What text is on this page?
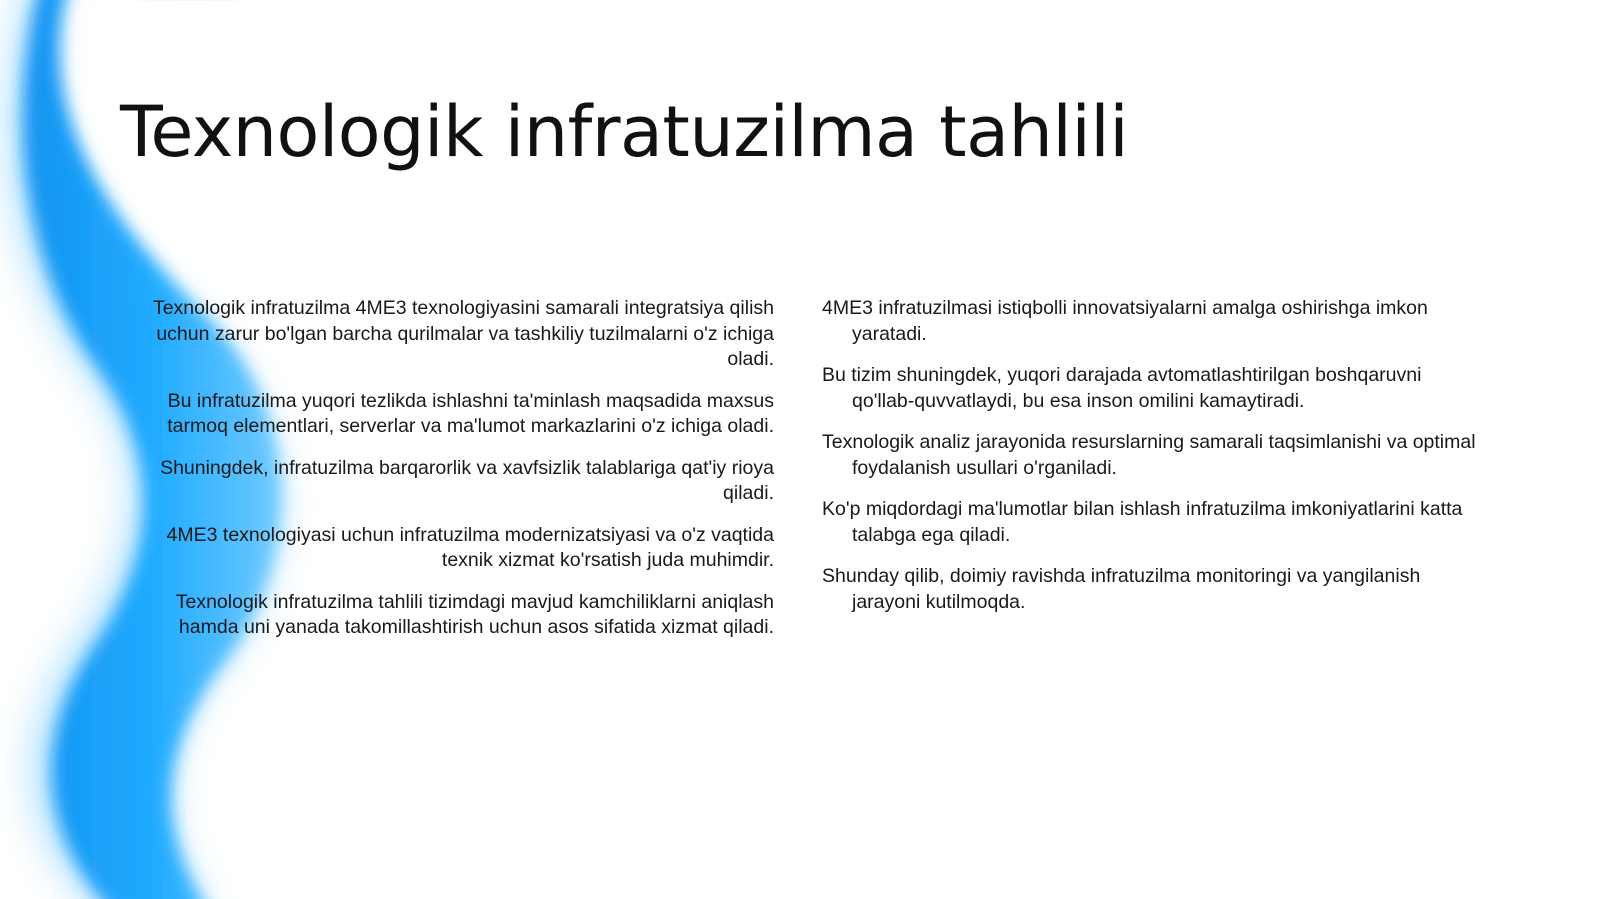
Texnologik infratuzilma tahlili

Texnologik infratuzilma 4ME3 texnologiyasini samarali integratsiya qilish uchun zarur bo'lgan barcha qurilmalar va tashkiliy tuzilmalarni o'z ichiga oladi.

Bu infratuzilma yuqori tezlikda ishlashni ta'minlash maqsadida maxsus tarmoq elementlari, serverlar va ma'lumot markazlarini o'z ichiga oladi.

Shuningdek, infratuzilma barqarorlik va xavfsizlik talablariga qat'iy rioya qiladi.

4ME3 texnologiyasi uchun infratuzilma modernizatsiyasi va o'z vaqtida texnik xizmat ko'rsatish juda muhimdir.

Texnologik infratuzilma tahlili tizimdagi mavjud kamchiliklarni aniqlash hamda uni yanada takomillashtirish uchun asos sifatida xizmat qiladi.

4ME3 infratuzilmasi istiqbolli innovatsiyalarni amalga oshirishga imkon yaratadi.

Bu tizim shuningdek, yuqori darajada avtomatlashtirilgan boshqaruvni qo'llab-quvvatlaydi, bu esa inson omilini kamaytiradi.

Texnologik analiz jarayonida resurslarning samarali taqsimlanishi va optimal foydalanish usullari o'rganiladi.

Ko'p miqdordagi ma'lumotlar bilan ishlash infratuzilma imkoniyatlarini katta talabga ega qiladi.

Shunday qilib, doimiy ravishda infratuzilma monitoringi va yangilanish jarayoni kutilmoqda.
